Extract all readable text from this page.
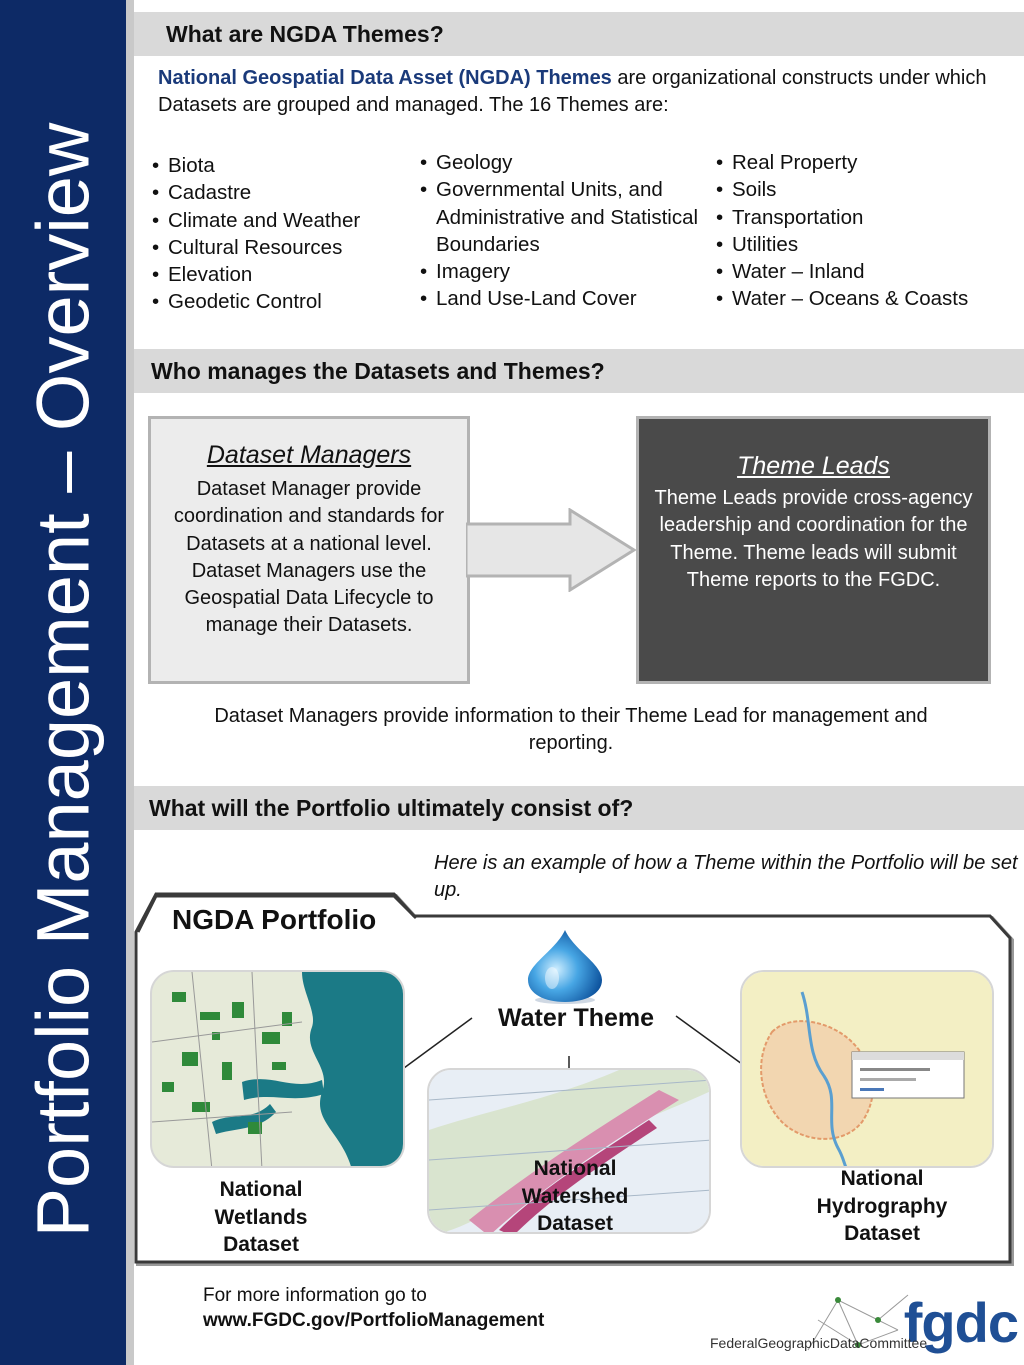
Portfolio Management – Overview
What are NGDA Themes?
National Geospatial Data Asset (NGDA) Themes are organizational constructs under which Datasets are grouped and managed. The 16 Themes are:
• Biota
• Cadastre
• Climate and Weather
• Cultural Resources
• Elevation
• Geodetic Control
• Geology
• Governmental Units, and Administrative and Statistical Boundaries
• Imagery
• Land Use-Land Cover
• Real Property
• Soils
• Transportation
• Utilities
• Water – Inland
• Water – Oceans & Coasts
Who manages the Datasets and Themes?
Dataset Managers
Dataset Manager provide coordination and standards for Datasets at a national level. Dataset Managers use the Geospatial Data Lifecycle to manage their Datasets.
Theme Leads
Theme Leads provide cross-agency leadership and coordination for the Theme. Theme leads will submit Theme reports to the FGDC.
Dataset Managers provide information to their Theme Lead for management and reporting.
What will the Portfolio ultimately consist of?
Here is an example of how a Theme within the Portfolio will be set up.
NGDA Portfolio
Water Theme
National Wetlands Dataset
National Watershed Dataset
National Hydrography Dataset
For more information go to
www.FGDC.gov/PortfolioManagement	fgdc
FederalGeographicDataCommittee
